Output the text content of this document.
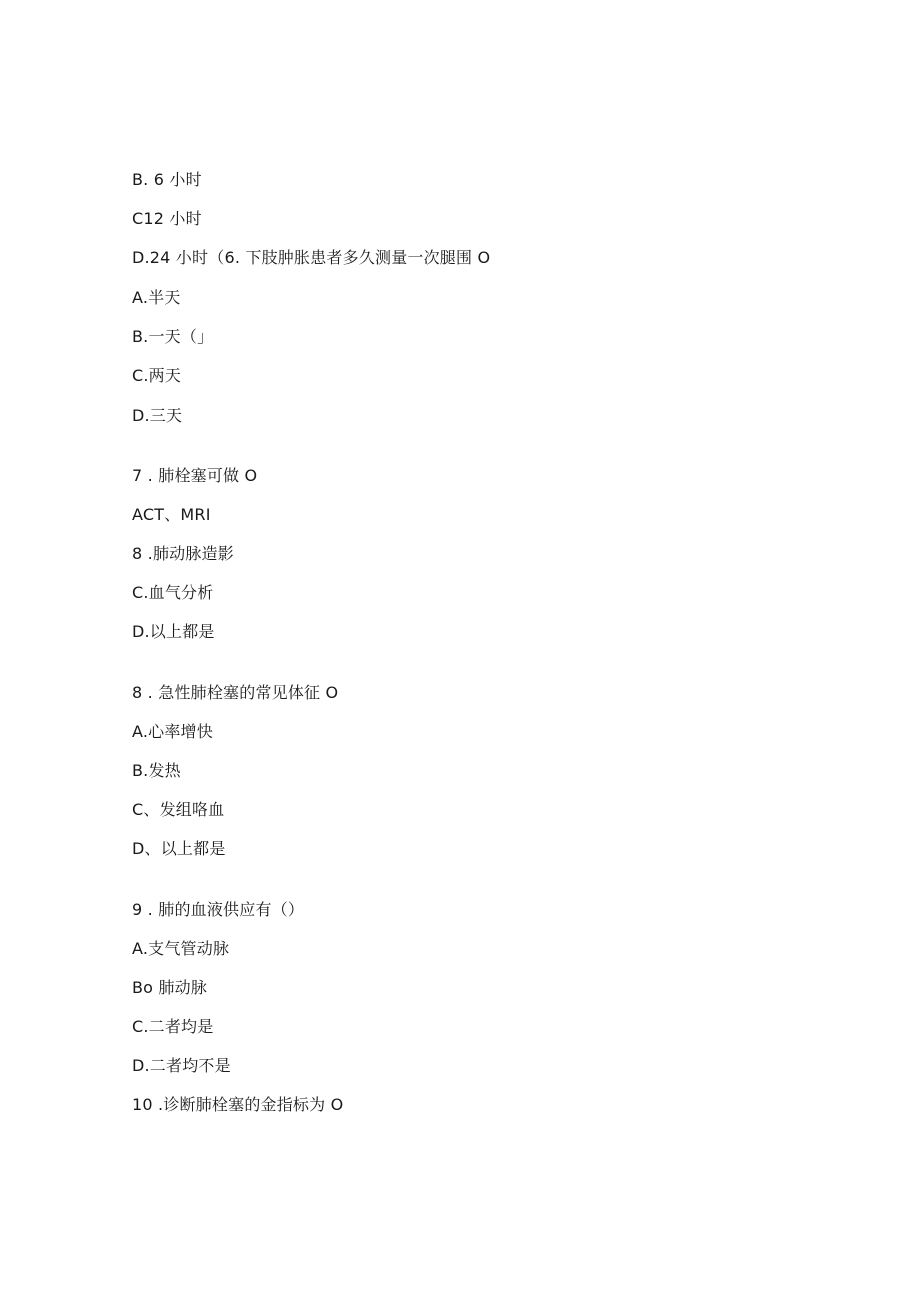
B. 6 小时
C12 小时
D.24 小时（6. 下肢肿胀患者多久测量一次腿围 O
A.半天
B.一天（」
C.两天
D.三天
7 . 肺栓塞可做 O
ACT、MRI
8 .肺动脉造影
C.血气分析
D.以上都是
8 . 急性肺栓塞的常见体征 O
A.心率增快
B.发热
C、发组咯血
D、以上都是
9 . 肺的血液供应有（）
A.支气管动脉
Bo 肺动脉
C.二者均是
D.二者均不是
10 .诊断肺栓塞的金指标为 O
